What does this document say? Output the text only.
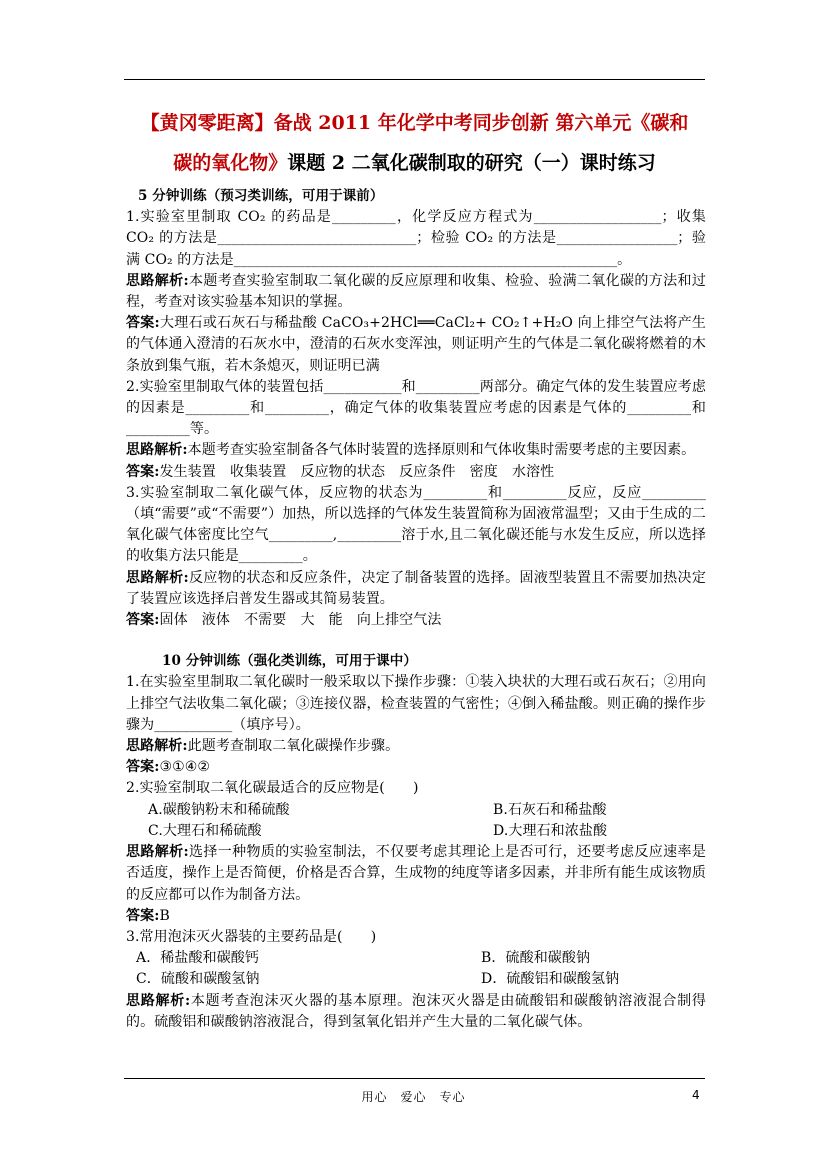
【黄冈零距离】备战 2011 年化学中考同步创新 第六单元《碳和
碳的氧化物》课题 2 二氧化碳制取的研究（一）课时练习

5 分钟训练（预习类训练，可用于课前）

1.实验室里制取 CO₂ 的药品是_________，化学反应方程式为__________________；收集 CO₂ 的方法是____________________________；检验 CO₂ 的方法是_________________；验满 CO₂ 的方法是______________________________________________________。

思路解析:本题考查实验室制取二氧化碳的反应原理和收集、检验、验满二氧化碳的方法和过程，考查对该实验基本知识的掌握。

答案:大理石或石灰石与稀盐酸 CaCO₃+2HCl══CaCl₂+ CO₂↑+H₂O 向上排空气法将产生的气体通入澄清的石灰水中，澄清的石灰水变浑浊，则证明产生的气体是二氧化碳将燃着的木条放到集气瓶，若木条熄灭，则证明已满

2.实验室里制取气体的装置包括___________和_________两部分。确定气体的发生装置应考虑的因素是_________和_________，确定气体的收集装置应考虑的因素是气体的_________和_________等。

思路解析:本题考查实验室制备各气体时装置的选择原则和气体收集时需要考虑的主要因素。

答案:发生装置　收集装置　反应物的状态　反应条件　密度　水溶性

3.实验室制取二氧化碳气体，反应物的状态为_________和_________反应，反应_________（填“需要”或“不需要”）加热，所以选择的气体发生装置简称为固液常温型；又由于生成的二氧化碳气体密度比空气_________,_________溶于水,且二氧化碳还能与水发生反应，所以选择的收集方法只能是_________。

思路解析:反应物的状态和反应条件，决定了制备装置的选择。固液型装置且不需要加热决定了装置应该选择启普发生器或其简易装置。

答案:固体　液体　不需要　大　能　向上排空气法

10 分钟训练（强化类训练，可用于课中）

1.在实验室里制取二氧化碳时一般采取以下操作步骤：①装入块状的大理石或石灰石；②用向上排空气法收集二氧化碳；③连接仪器，检查装置的气密性；④倒入稀盐酸。则正确的操作步骤为___________（填序号）。

思路解析:此题考查制取二氧化碳操作步骤。

答案:③①④②

2.实验室制取二氧化碳最适合的反应物是(　　)

A.碳酸钠粉末和稀硫酸	B.石灰石和稀盐酸
C.大理石和稀硫酸	D.大理石和浓盐酸

思路解析:选择一种物质的实验室制法，不仅要考虑其理论上是否可行，还要考虑反应速率是否适度，操作上是否简便，价格是否合算，生成物的纯度等诸多因素，并非所有能生成该物质的反应都可以作为制备方法。

答案:B

3.常用泡沫灭火器装的主要药品是(　　)

A．稀盐酸和碳酸钙	B．硫酸和碳酸钠
C．硫酸和碳酸氢钠	D．硫酸铝和碳酸氢钠

思路解析:本题考查泡沫灭火器的基本原理。泡沫灭火器是由硫酸铝和碳酸钠溶液混合制得的。硫酸铝和碳酸钠溶液混合，得到氢氧化铝并产生大量的二氧化碳气体。

用心　爱心　专心	4
